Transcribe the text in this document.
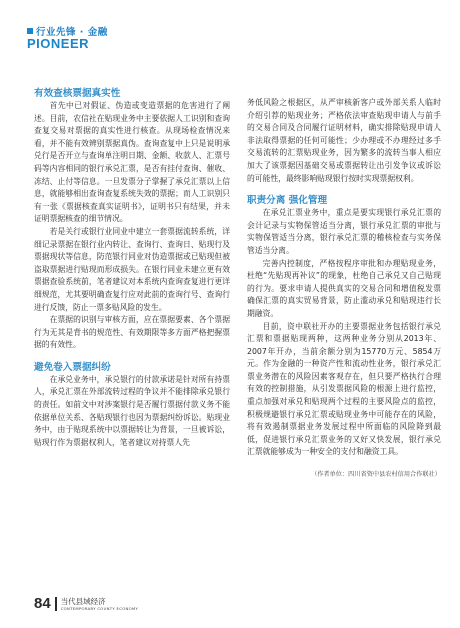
行业先锋 · 金融
PIONEER
有效查核票据真实性

首先中已对假证、伪造或变造票据的危害进行了阐述。目前，农信社在贴现业务中主要依据人工识别和查询查复交易对票据的真实性进行核查。从现场检查情况来看，并不能有效辨别票据真伪。查询查复中上只是说明承兑行是否开立与查询单注明日期、金额、收款人、汇票号码等内容相同的银行承兑汇票，是否有挂付查询、催收、冻结、止付等信息。一旦发票分子掌握了承兑汇票以上信息，就能够相出查询查复系统失效的票据；而人工识别只有一张《票据核查真实证明书》，证明书只有结果，并未证明票据核查的细节情况。

若是关行或银行业同业中建立一套票据流转系统，详细记录票据在银行业内转让、查询行、查询日、贴现行及票据现状等信息，防范银行同业对伪造票据或已贴现但被盗取票据进行贴现而形成损失。在银行同业未建立更有效票据查验系统前，笔者建议对本系统内查询查复进行更详细规范，尤其要明确查复行应对此前的查询行号、查询行进行反馈，防止一票多贴风险的发生。

在票据的识别与审核方面，应在票据要素、各个票据行为无其是背书的规范性、有效期限等多方面严格把握票据的有效性。

避免卷入票据纠纷

在承兑业务中，承兑银行的付款承诺是针对所有持票人，承兑汇票在外部流转过程的争议并不能排除承兑银行的责任。如前文中对涉案银行是否履行票据付款义务不能依据单位关系、各贴现银行也因为票据纠纷诉讼。贴现业务中，由于贴现系统中以票据转让为背景，一旦被诉讼，贴现行作为票据权利人，笔者建议对持票人先

务低风险之根据区，从严审核新客户或外部关系人临时介绍引荐的贴现业务；严格依法审查贴现申请人与前手的交易合同及合同履行证明材料，确实排除贴现申请人非法取得票据的任何可能性；少办理或不办理经过多手交易流转的汇票贴现业务，因为繁多的流转当事人相应加大了该票据因基础交易或票据转让出引发争议或诉讼的可能性，最终影响贴现银行按时实现票据权利。

职责分离 强化管理

在承兑汇票业务中，重点是要实现银行承兑汇票的会计记录与实物保管适当分离，银行承兑汇票的审批与实物保管适当分离，银行承兑汇票的稽核检查与实务保管适当分离。

完善内控制度，严格按程序审批和办理贴现业务，杜绝“先贴现再补议”的现象，杜绝自己承兑又自己贴现的行为。要求申请人提供真实的交易合同和增值税发票确保汇票的真实贸易背景，防止滥动承兑和贴现违行长期融资。

目前，资中联社开办的主要票据业务包括银行承兑汇票和票据贴现两种，这两种业务分别从2013年、2007年开办，当前余额分别为15770万元、5854万元。作为金融的一种资产性和流动性业务，银行承兑汇票业务潜在的风险因素客观存在，但只要严格执行合理有效的控制措施，从引发票据风险的根源上进行监控，重点加强对承兑和贴现两个过程的主要风险点的监控，积极规避银行承兑汇票或贴现业务中可能存在的风险，将有效遏制票据业务发展过程中所面临的风险降到最低，促进银行承兑汇票业务的又好又快发展，银行承兑汇票就能够成为一种安全的支付和融资工具。

（作者单位：四川省资中县农村信用合作联社）

84 当代县域经济
CONTEMPORARY COUNTY ECONOMY
